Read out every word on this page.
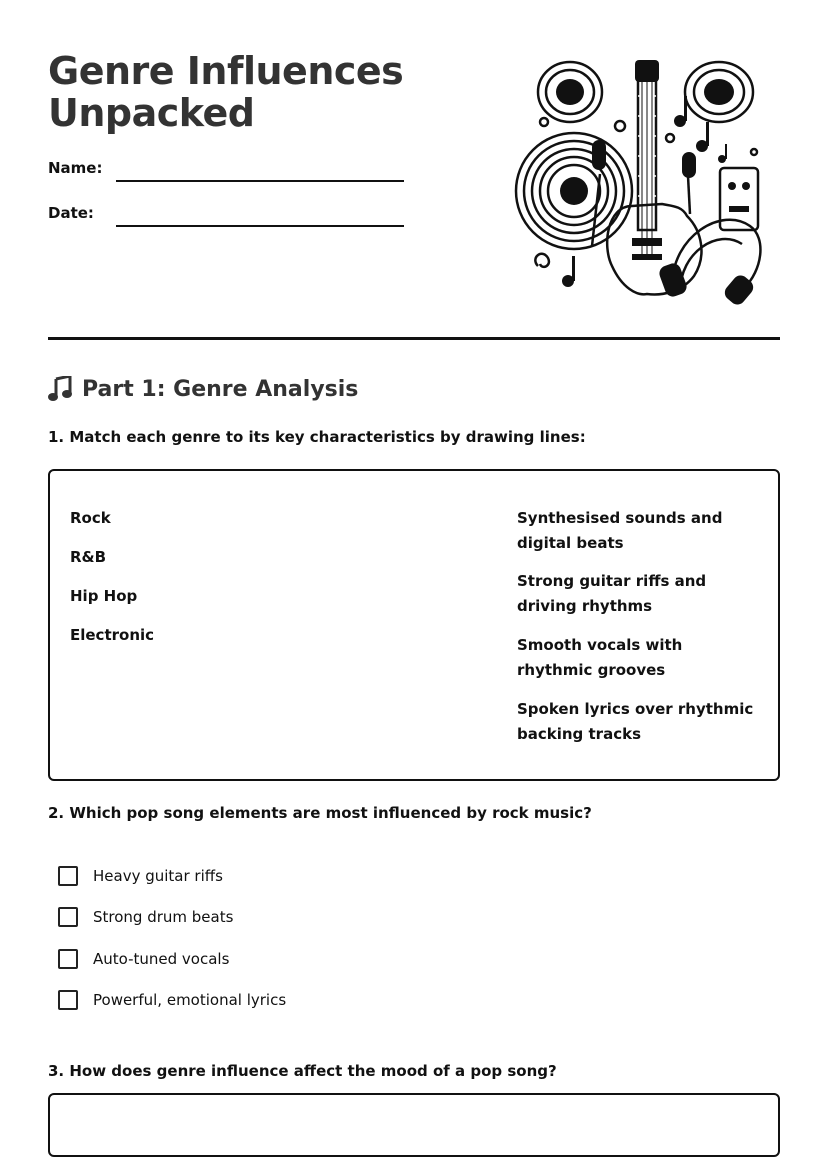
Genre Influences Unpacked
Name:
Date:
Part 1: Genre Analysis
1. Match each genre to its key characteristics by drawing lines:
Rock
R&B
Hip Hop
Electronic
Synthesised sounds and digital beats
Strong guitar riffs and driving rhythms
Smooth vocals with rhythmic grooves
Spoken lyrics over rhythmic backing tracks
2. Which pop song elements are most influenced by rock music?
Heavy guitar riffs
Strong drum beats
Auto-tuned vocals
Powerful, emotional lyrics
3. How does genre influence affect the mood of a pop song?
